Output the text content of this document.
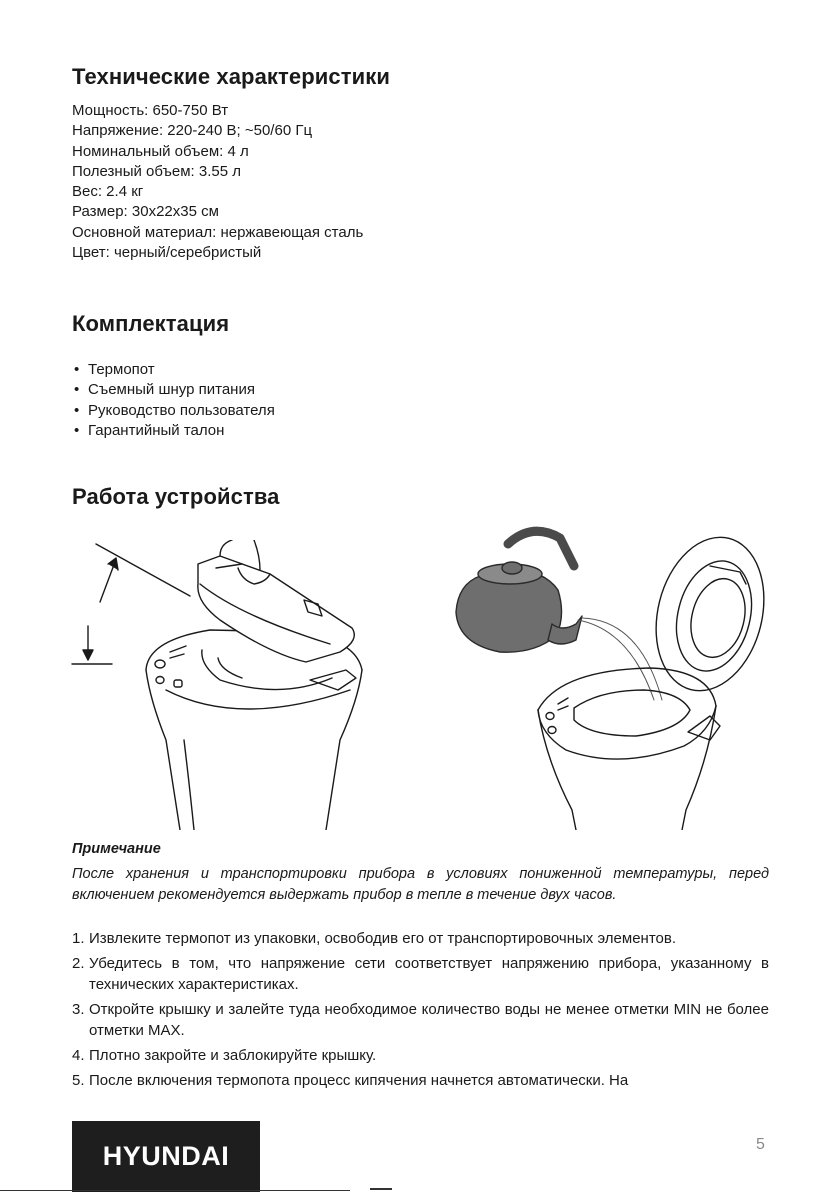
Технические характеристики
Мощность: 650-750 Вт
Напряжение: 220-240 В; ~50/60 Гц
Номинальный объем: 4 л
Полезный объем: 3.55 л
Вес: 2.4 кг
Размер: 30x22x35 см
Основной материал: нержавеющая сталь
Цвет: черный/серебристый
Комплектация
• Термопот
• Съемный шнур питания
• Руководство пользователя
• Гарантийный талон
Работа устройства
Примечание
После хранения и транспортировки прибора в условиях пониженной температуры, перед включением рекомендуется выдержать прибор в тепле в течение двух часов.
1. Извлеките термопот из упаковки, освободив его от транспортировочных элементов.
2. Убедитесь в том, что напряжение сети соответствует напряжению прибора, указанному в технических характеристиках.
3. Откройте крышку и залейте туда необходимое количество воды не менее отметки MIN не более отметки MAX.
4. Плотно закройте и заблокируйте крышку.
5. После включения термопота процесс кипячения начнется автоматически. На
HYUNDAI	5
